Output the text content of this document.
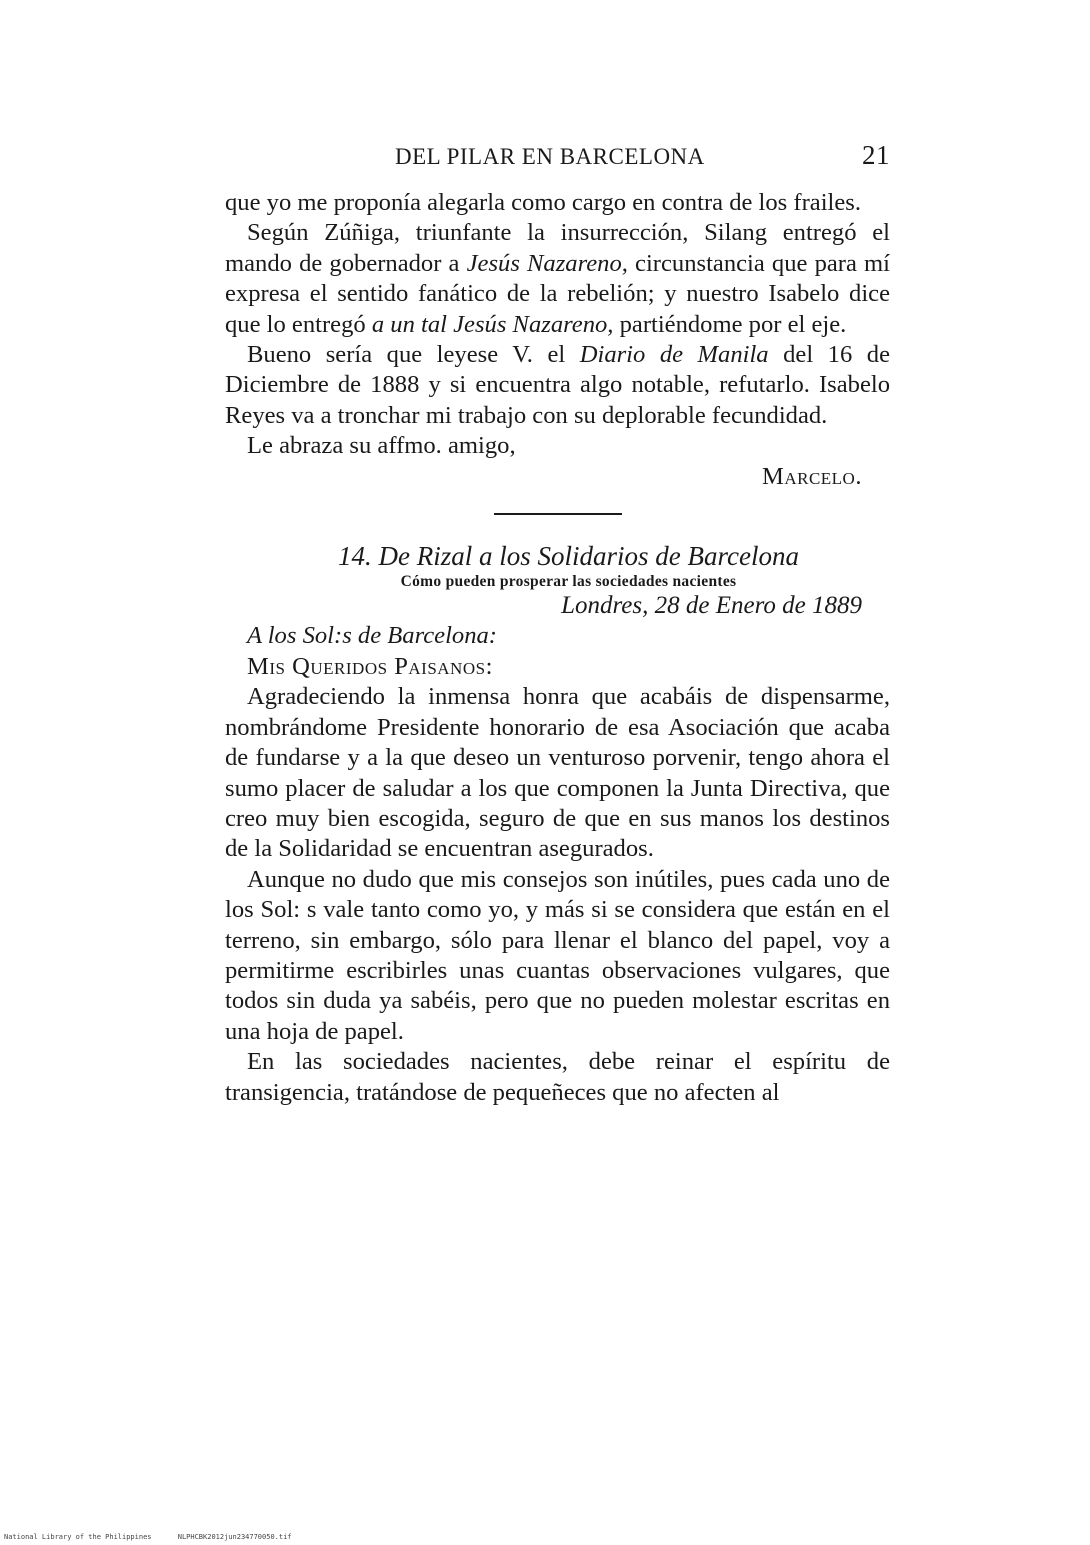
DEL PILAR EN BARCELONA	21

que yo me proponía alegarla como cargo en contra de los frailes.

Según Zúñiga, triunfante la insurrección, Silang entregó el mando de gobernador a Jesús Nazareno, circunstancia que para mí expresa el sentido fanático de la rebelión; y nuestro Isabelo dice que lo entregó a un tal Jesús Nazareno, partiéndome por el eje.

Bueno sería que leyese V. el Diario de Manila del 16 de Diciembre de 1888 y si encuentra algo notable, refutarlo. Isabelo Reyes va a tronchar mi trabajo con su deplorable fecundidad.

Le abraza su affmo. amigo,

Marcelo.

14. De Rizal a los Solidarios de Barcelona

Cómo pueden prosperar las sociedades nacientes

Londres, 28 de Enero de 1889

A los Sol:s de Barcelona:

Mis Queridos Paisanos:

Agradeciendo la inmensa honra que acabáis de dispensarme, nombrándome Presidente honorario de esa Asociación que acaba de fundarse y a la que deseo un venturoso porvenir, tengo ahora el sumo placer de saludar a los que componen la Junta Directiva, que creo muy bien escogida, seguro de que en sus manos los destinos de la Solidaridad se encuentran asegurados.

Aunque no dudo que mis consejos son inútiles, pues cada uno de los Sol: s vale tanto como yo, y más si se considera que están en el terreno, sin embargo, sólo para llenar el blanco del papel, voy a permitirme escribirles unas cuantas observaciones vulgares, que todos sin duda ya sabéis, pero que no pueden molestar escritas en una hoja de papel.

En las sociedades nacientes, debe reinar el espíritu de transigencia, tratándose de pequeñeces que no afecten al

National Library of the Philippines	NLPHCBK2012jun234770050.tif
